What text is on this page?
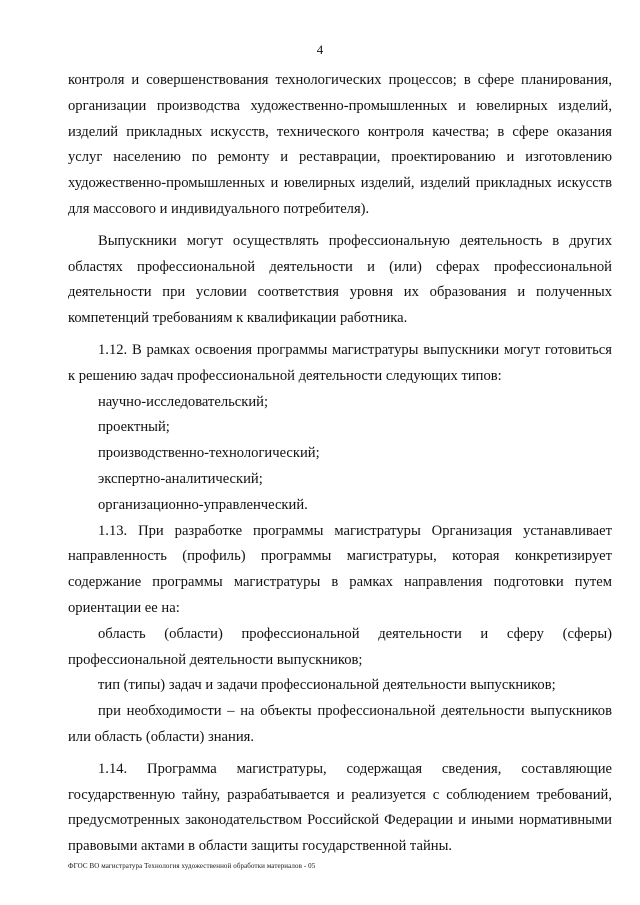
4

контроля и совершенствования технологических процессов; в сфере планирования, организации производства художественно-промышленных и ювелирных изделий, изделий прикладных искусств, технического контроля качества; в сфере оказания услуг населению по ремонту и реставрации, проектированию и изготовлению художественно-промышленных и ювелирных изделий, изделий прикладных искусств для массового и индивидуального потребителя).

Выпускники могут осуществлять профессиональную деятельность в других областях профессиональной деятельности и (или) сферах профессиональной деятельности при условии соответствия уровня их образования и полученных компетенций требованиям к квалификации работника.

1.12. В рамках освоения программы магистратуры выпускники могут готовиться к решению задач профессиональной деятельности следующих типов:

научно-исследовательский;

проектный;

производственно-технологический;

экспертно-аналитический;

организационно-управленческий.

1.13. При разработке программы магистратуры Организация устанавливает направленность (профиль) программы магистратуры, которая конкретизирует содержание программы магистратуры в рамках направления подготовки путем ориентации ее на:

область (области) профессиональной деятельности и сферу (сферы) профессиональной деятельности выпускников;

тип (типы) задач и задачи профессиональной деятельности выпускников;

при необходимости – на объекты профессиональной деятельности выпускников или область (области) знания.

1.14. Программа магистратуры, содержащая сведения, составляющие государственную тайну, разрабатывается и реализуется с соблюдением требований, предусмотренных законодательством Российской Федерации и иными нормативными правовыми актами в области защиты государственной тайны.

ФГОС ВО магистратура Технология художественной обработки материалов - 05
